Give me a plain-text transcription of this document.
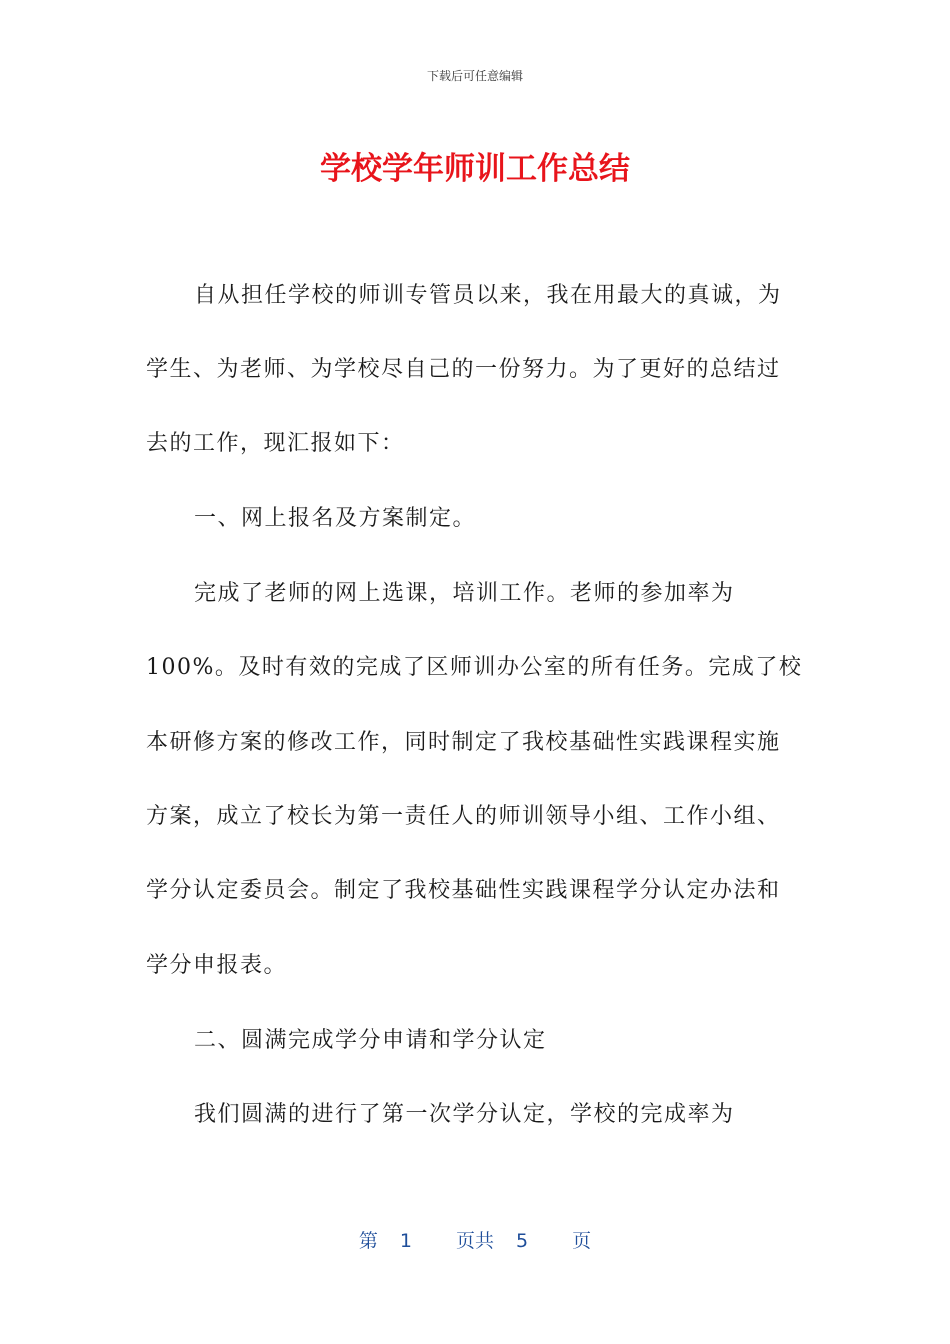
下载后可任意编辑
学校学年师训工作总结
自从担任学校的师训专管员以来，我在用最大的真诚，为
学生、为老师、为学校尽自己的一份努力。为了更好的总结过
去的工作，现汇报如下：
一、网上报名及方案制定。
完成了老师的网上选课，培训工作。老师的参加率为
100%。及时有效的完成了区师训办公室的所有任务。完成了校
本研修方案的修改工作，同时制定了我校基础性实践课程实施
方案，成立了校长为第一责任人的师训领导小组、工作小组、
学分认定委员会。制定了我校基础性实践课程学分认定办法和
学分申报表。
二、圆满完成学分申请和学分认定
我们圆满的进行了第一次学分认定，学校的完成率为
第 1 页共 5 页
